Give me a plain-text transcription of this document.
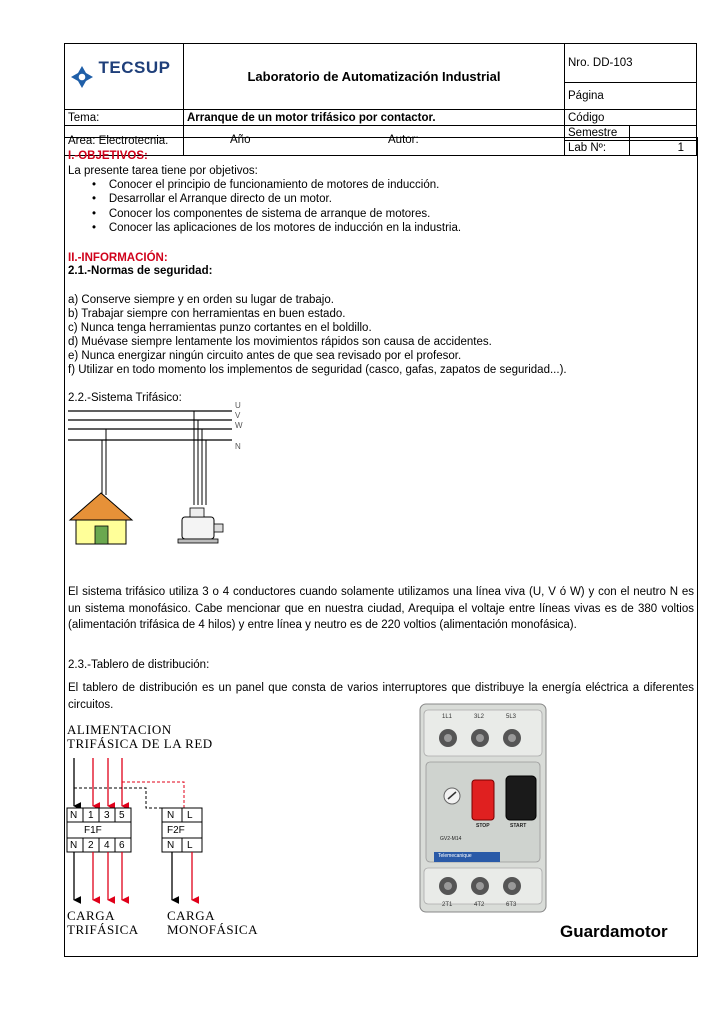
TECSUP	Laboratorio de Automatización Industrial	Nro. DD-103	
		Página	
Tema:	Arranque de un motor trifásico por contactor.	Código	
Area: Electrotecnia.	Año Autor:	Semestre	
		Lab Nº:	1
I.-OBJETIVOS:
La presente tarea tiene por objetivos:
•    Conocer el principio de funcionamiento de motores de inducción.
•    Desarrollar el Arranque directo de un motor.
•    Conocer los componentes de sistema de arranque de motores.
•    Conocer las aplicaciones de los motores de inducción en la industria.
II.-INFORMACIÓN:
2.1.-Normas de seguridad:
a) Conserve siempre y en orden su lugar de trabajo.
b) Trabajar siempre con herramientas en buen estado.
c) Nunca tenga herramientas punzo cortantes en el boldillo.
d) Muévase siempre lentamente los movimientos rápidos son causa de accidentes.
e) Nunca energizar ningún circuito antes de que sea revisado por el profesor.
f) Utilizar en todo momento los implementos de seguridad (casco, gafas, zapatos de seguridad...).
2.2.-Sistema Trifásico:
U
V
W
N
El sistema trifásico utiliza 3 o 4 conductores cuando solamente utilizamos una línea viva (U, V ó W) y con el neutro N es un sistema monofásico. Cabe mencionar que en nuestra ciudad, Arequipa el voltaje entre líneas vivas es de 380 voltios (alimentación trifásica de 4 hilos) y entre línea y neutro es de 220 voltios (alimentación monofásica).
2.3.-Tablero de distribución:
El tablero de distribución es un panel que consta de varios interruptores que distribuye la energía eléctrica a diferentes circuitos.
ALIMENTACION
TRIFÁSICA DE LA RED
N 1 3 5
F1F
N 2 4 6
N L
F2F
N L
CARGA
TRIFÁSICA
CARGA
MONOFÁSICA
1L1	3L2	5L3
STOP	START
GV2-M14
Telemecanique
2T1	4T2	6T3
Guardamotor
